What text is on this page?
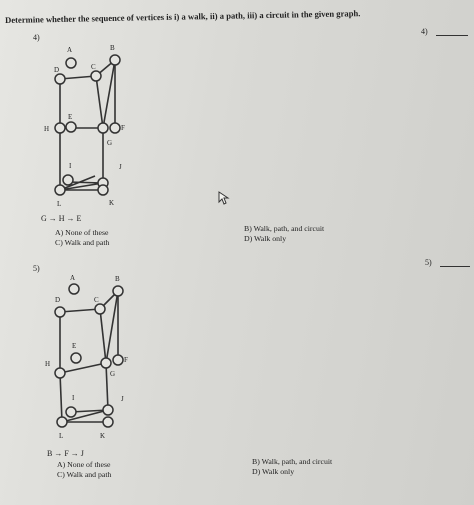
Determine whether the sequence of vertices is i) a walk, ii) a path, iii) a circuit in the given graph.
4)
4)
A	B
C
D
E
F
G
H
I	J
K
L
G → H → E
A) None of these
C) Walk and path
B) Walk, path, and circuit
D) Walk only
5)
5)
A	B
C
D
E
F
G
H
I	J
K
L
B → F → J
A) None of these
C) Walk and path
B) Walk, path, and circuit
D) Walk only
